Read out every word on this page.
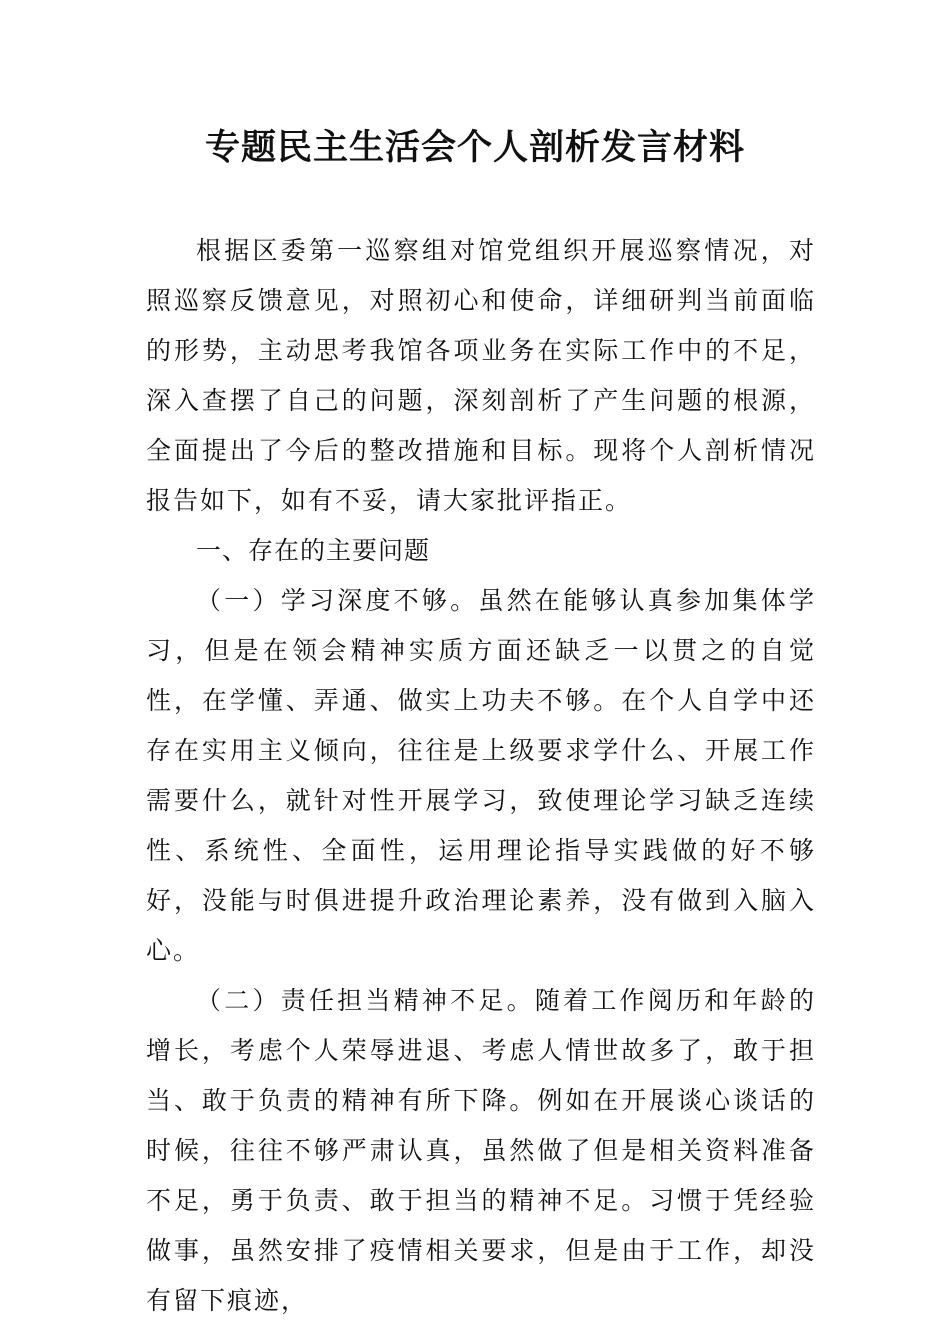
专题民主生活会个人剖析发言材料

根据区委第一巡察组对馆党组织开展巡察情况，对照巡察反馈意见，对照初心和使命，详细研判当前面临的形势，主动思考我馆各项业务在实际工作中的不足，深入查摆了自己的问题，深刻剖析了产生问题的根源，全面提出了今后的整改措施和目标。现将个人剖析情况报告如下，如有不妥，请大家批评指正。

一、存在的主要问题

（一）学习深度不够。虽然在能够认真参加集体学习，但是在领会精神实质方面还缺乏一以贯之的自觉性，在学懂、弄通、做实上功夫不够。在个人自学中还存在实用主义倾向，往往是上级要求学什么、开展工作需要什么，就针对性开展学习，致使理论学习缺乏连续性、系统性、全面性，运用理论指导实践做的好不够好，没能与时俱进提升政治理论素养，没有做到入脑入心。

（二）责任担当精神不足。随着工作阅历和年龄的增长，考虑个人荣辱进退、考虑人情世故多了，敢于担当、敢于负责的精神有所下降。例如在开展谈心谈话的时候，往往不够严肃认真，虽然做了但是相关资料准备不足，勇于负责、敢于担当的精神不足。习惯于凭经验做事，虽然安排了疫情相关要求，但是由于工作，却没有留下痕迹，
